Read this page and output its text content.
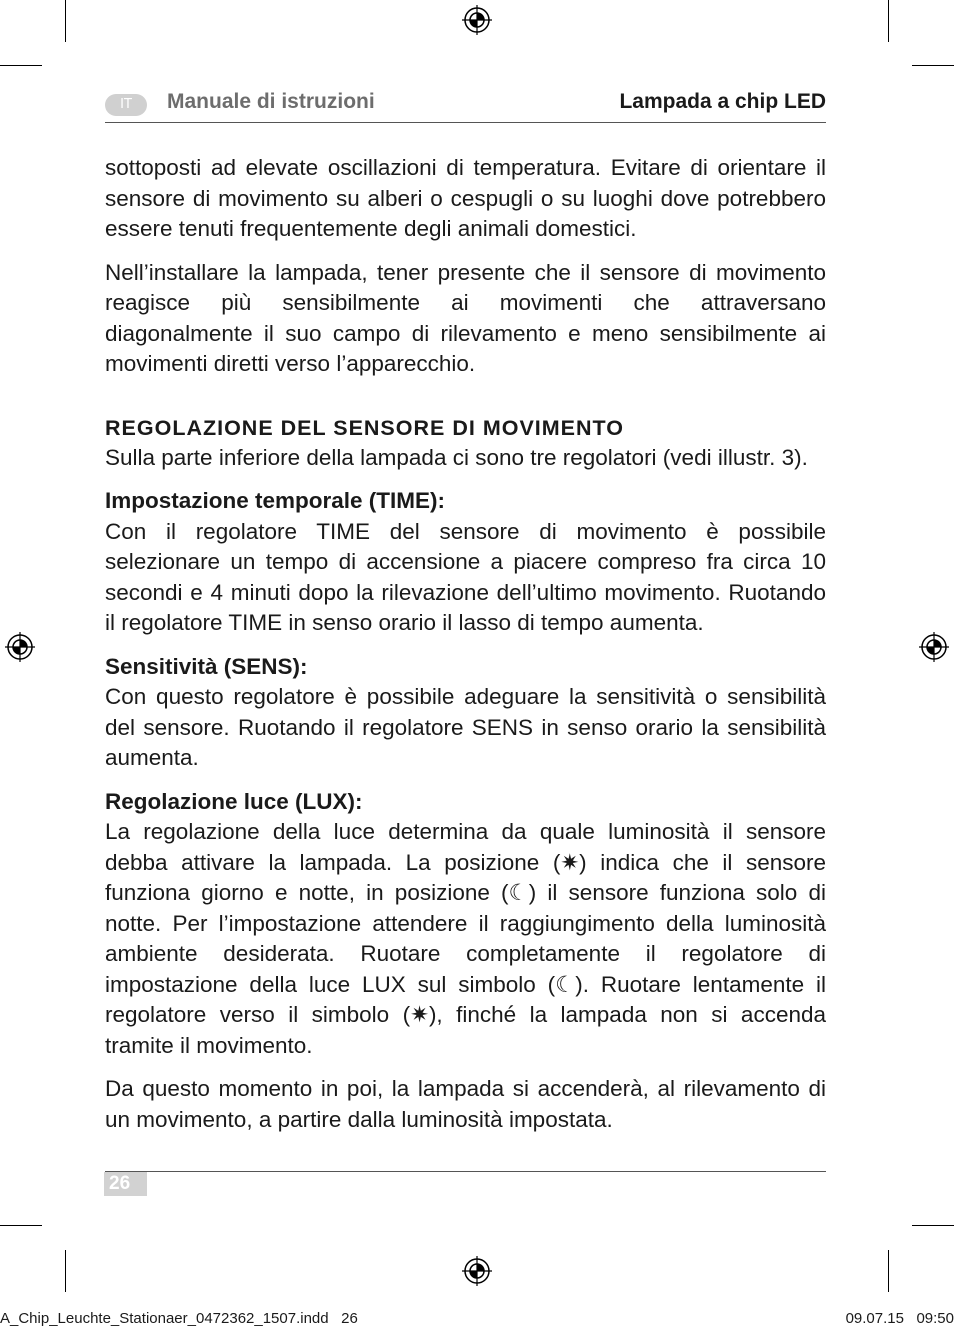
IT	Manuale di istruzioni	Lampada a chip LED

sottoposti ad elevate oscillazioni di temperatura. Evitare di orientare il sensore di movimento su alberi o cespugli o su luoghi dove potrebbero essere tenuti frequentemente degli animali domestici.

Nell’installare la lampada, tener presente che il sensore di movimento reagisce più sensibilmente ai movimenti che attraversano diagonalmente il suo campo di rilevamento e meno sensibilmente ai movimenti diretti verso l’apparecchio.

REGOLAZIONE DEL SENSORE DI MOVIMENTO

Sulla parte inferiore della lampada ci sono tre regolatori (vedi illustr. 3).

Impostazione temporale (TIME):

Con il regolatore TIME del sensore di movimento è possibile selezionare un tempo di accensione a piacere compreso fra circa 10 secondi e 4 minuti dopo la rilevazione dell’ultimo movimento. Ruotando il regolatore TIME in senso orario il lasso di tempo aumenta.

Sensitività (SENS):

Con questo regolatore è possibile adeguare la sensitività o sensibilità del sensore. Ruotando il regolatore SENS in senso orario la sensibilità aumenta.

Regolazione luce (LUX):

La regolazione della luce determina da quale luminosità il sensore debba attivare la lampada. La posizione (✷) indica che il sensore funziona giorno e notte, in posizione (☾) il sensore funziona solo di notte. Per l’impostazione attendere il raggiungimento della luminosità ambiente desiderata. Ruotare completamente il regolatore di impostazione della luce LUX sul simbolo (☾). Ruotare lentamente il regolatore verso il simbolo (✷), finché la lampada non si accenda tramite il movimento.

Da questo momento in poi, la lampada si accenderà, al rilevamento di un movimento, a partire dalla luminosità impostata.

26
A_Chip_Leuchte_Stationaer_0472362_1507.indd   26	09.07.15   09:50
